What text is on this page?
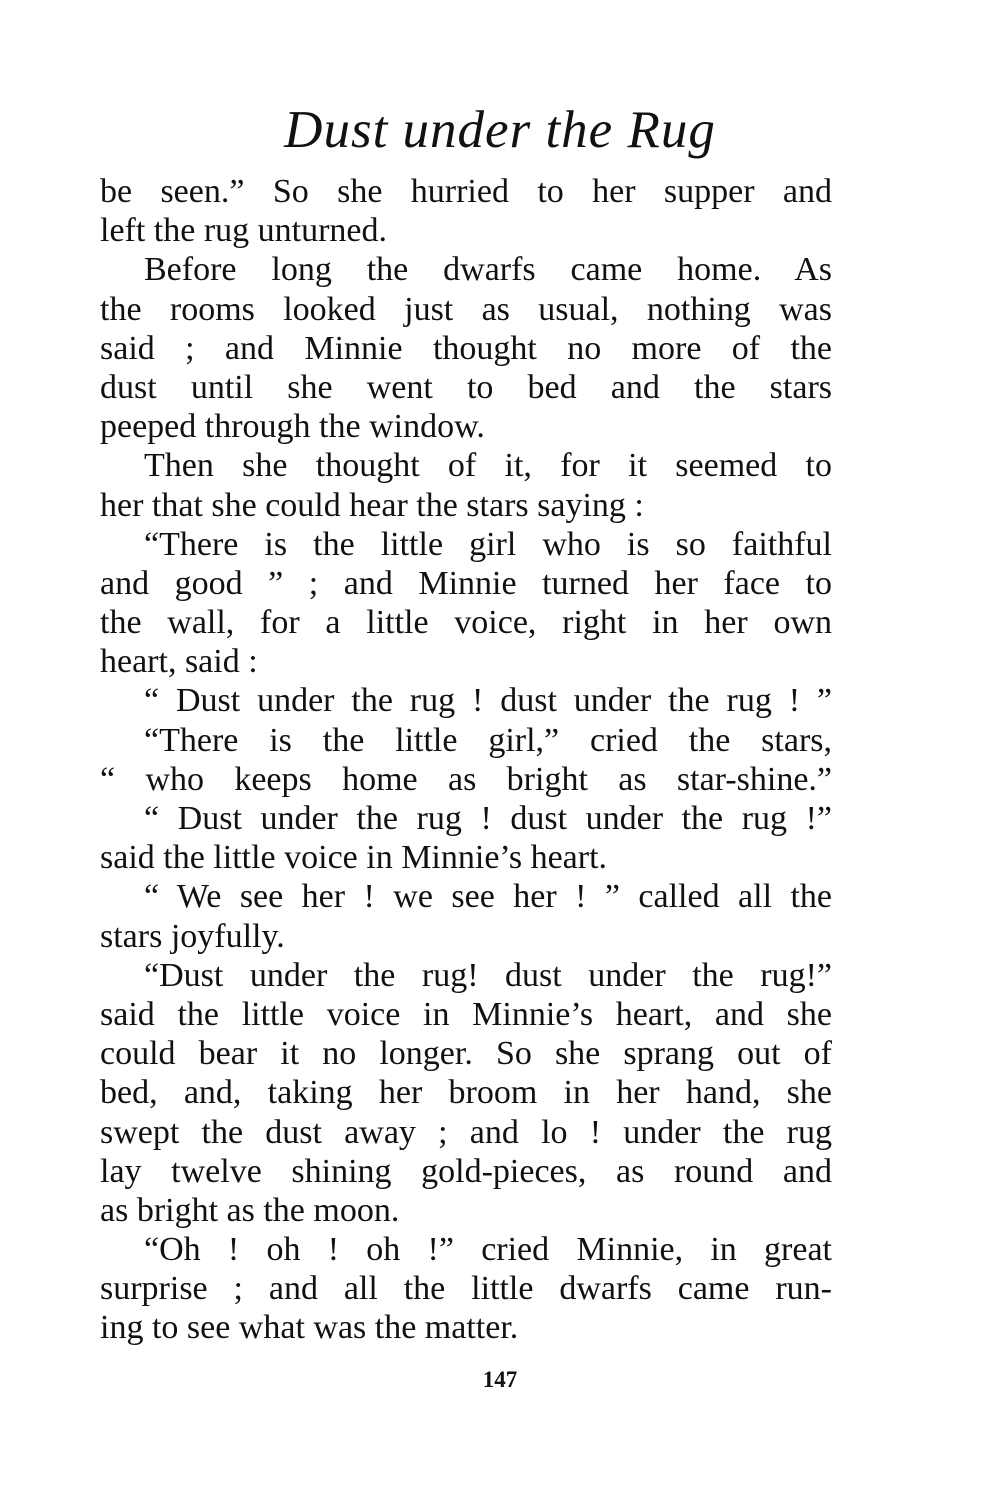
Dust under the Rug
be seen.” So she hurried to her supper and
left the rug unturned.
Before long the dwarfs came home. As
the rooms looked just as usual, nothing was
said ; and Minnie thought no more of the
dust until she went to bed and the stars
peeped through the window.
Then she thought of it, for it seemed to
her that she could hear the stars saying :
“There is the little girl who is so faithful
and good ” ; and Minnie turned her face to
the wall, for a little voice, right in her own
heart, said :
“ Dust under the rug ! dust under the rug ! ”
“There is the little girl,” cried the stars,
“ who keeps home as bright as star-shine.”
“ Dust under the rug ! dust under the rug !”
said the little voice in Minnie’s heart.
“ We see her ! we see her ! ” called all the
stars joyfully.
“Dust under the rug! dust under the rug!”
said the little voice in Minnie’s heart, and she
could bear it no longer. So she sprang out of
bed, and, taking her broom in her hand, she
swept the dust away ; and lo ! under the rug
lay twelve shining gold-pieces, as round and
as bright as the moon.
“Oh ! oh ! oh !” cried Minnie, in great
surprise ; and all the little dwarfs came run-
ing to see what was the matter.
147
